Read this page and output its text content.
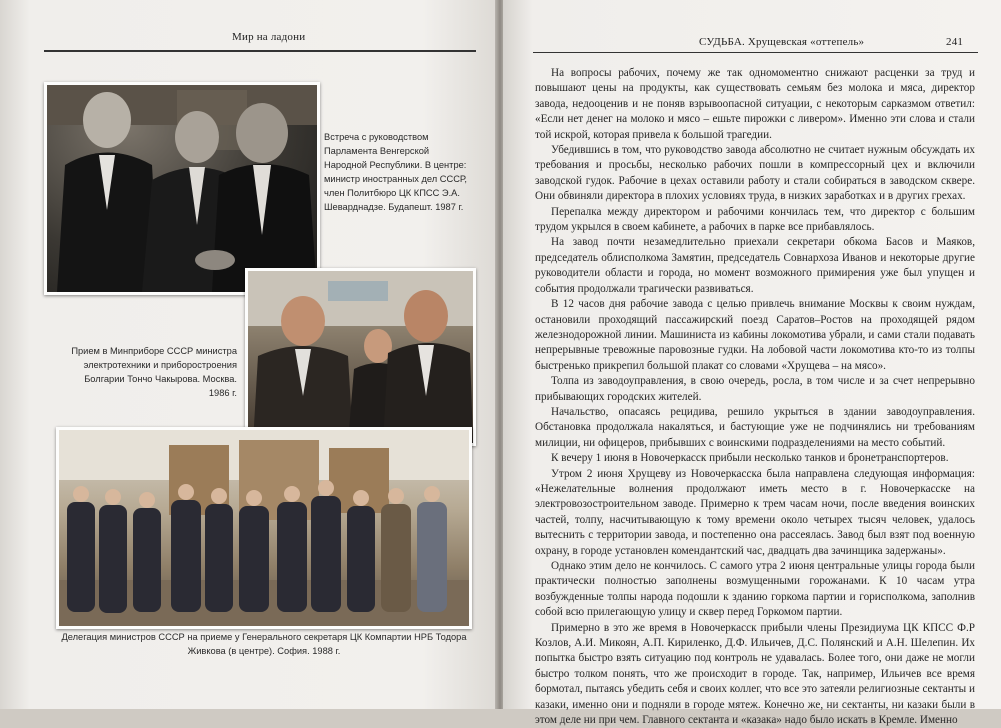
Мир на ладони
Встреча с руководством Парламента Венгерской Народной Республики. В центре: министр иностранных дел СССР, член Политбюро ЦК КПСС Э.А. Шеварднадзе. Будапешт. 1987 г.
Прием в Минприборе СССР министра электротехники и приборостроения Болгарии Тончо Чакырова. Москва. 1986 г.
Делегация министров СССР на приеме у Генерального секретаря ЦК Компартии НРБ Тодора Живкова (в центре). София. 1988 г.
СУДЬБА. Хрущевская «оттепель»	241

На вопросы рабочих, почему же так одномоментно снижают расценки за труд и повышают цены на продукты, как существовать семьям без молока и мяса, директор завода, недооценив и не поняв взрывоопасной ситуации, с некоторым сарказмом ответил: «Если нет денег на молоко и мясо – ешьте пирожки с ливером». Именно эти слова и стали той искрой, которая привела к большой трагедии.

Убедившись в том, что руководство завода абсолютно не считает нужным обсуждать их требования и просьбы, несколько рабочих пошли в компрессорный цех и включили заводской гудок. Рабочие в цехах оставили работу и стали собираться в заводском сквере. Они обвиняли директора в плохих условиях труда, в низких заработках и в других грехах.

Перепалка между директором и рабочими кончилась тем, что директор с большим трудом укрылся в своем кабинете, а рабочих в парке все прибавлялось.

На завод почти незамедлительно приехали секретари обкома Басов и Маяков, председатель облисполкома Замятин, председатель Совнархоза Иванов и некоторые другие руководители области и города, но момент возможного примирения уже был упущен и события продолжали трагически развиваться.

В 12 часов дня рабочие завода с целью привлечь внимание Москвы к своим нуждам, остановили проходящий пассажирский поезд Саратов–Ростов на проходящей рядом железнодорожной линии. Машиниста из кабины локомотива убрали, и сами стали подавать непрерывные тревожные паровозные гудки. На лобовой части локомотива кто-то из толпы быстренько прикрепил большой плакат со словами «Хрущева – на мясо».

Толпа из заводоуправления, в свою очередь, росла, в том числе и за счет непрерывно прибывающих городских жителей.

Начальство, опасаясь рецидива, решило укрыться в здании заводоуправления. Обстановка продолжала накаляться, и бастующие уже не подчинялись ни требованиям милиции, ни офицеров, прибывших с воинскими подразделениями на место событий.

К вечеру 1 июня в Новочеркасск прибыли несколько танков и бронетранспортеров.

Утром 2 июня Хрущеву из Новочеркасска была направлена следующая информация: «Нежелательные волнения продолжают иметь место в г. Новочеркасске на электровозостроительном заводе. Примерно к трем часам ночи, после введения воинских частей, толпу, насчитывающую к тому времени около четырех тысяч человек, удалось вытеснить с территории завода, и постепенно она рассеялась. Завод был взят под военную охрану, в городе установлен комендантский час, двадцать два зачинщика задержаны».

Однако этим дело не кончилось. С самого утра 2 июня центральные улицы города были практически полностью заполнены возмущенными горожанами. К 10 часам утра возбужденные толпы народа подошли к зданию горкома партии и горисполкома, заполнив собой всю прилегающую улицу и сквер перед Горкомом партии.

Примерно в это же время в Новочеркасск прибыли члены Президиума ЦК КПСС Ф.Р Козлов, А.И. Микоян, А.П. Кириленко, Д.Ф. Ильичев, Д.С. Полянский и А.Н. Шелепин. Их попытка быстро взять ситуацию под контроль не удавалась. Более того, они даже не могли быстро толком понять, что же происходит в городе. Так, например, Ильичев все время бормотал, пытаясь убедить себя и своих коллег, что все это затеяли религиозные сектанты и казаки, именно они и подняли в городе мятеж. Конечно же, ни сектанты, ни казаки были в этом деле ни при чем. Главного сектанта и «казака» надо было искать в Кремле. Именно
